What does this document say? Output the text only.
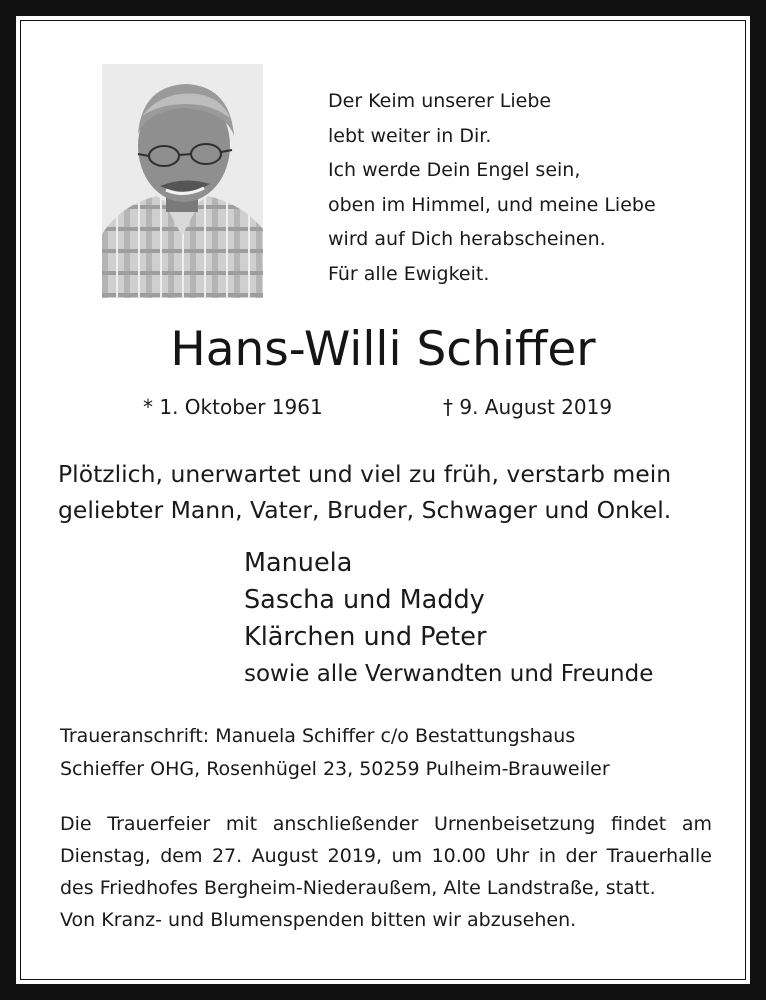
Der Keim unserer Liebe
lebt weiter in Dir.
Ich werde Dein Engel sein,
oben im Himmel, und meine Liebe
wird auf Dich herabscheinen.
Für alle Ewigkeit.
Hans-Willi Schiffer
* 1. Oktober 1961	† 9. August 2019
Plötzlich, unerwartet und viel zu früh, verstarb mein
geliebter Mann, Vater, Bruder, Schwager und Onkel.
Manuela
Sascha und Maddy
Klärchen und Peter
sowie alle Verwandten und Freunde
Traueranschrift: Manuela Schiffer c/o Bestattungshaus
Schieffer OHG, Rosenhügel 23, 50259 Pulheim-Brauweiler
Die Trauerfeier mit anschließender Urnenbeisetzung findet am
Dienstag, dem 27. August 2019, um 10.00 Uhr in der Trauerhalle
des Friedhofes Bergheim-Niederaußem, Alte Landstraße, statt.
Von Kranz- und Blumenspenden bitten wir abzusehen.
